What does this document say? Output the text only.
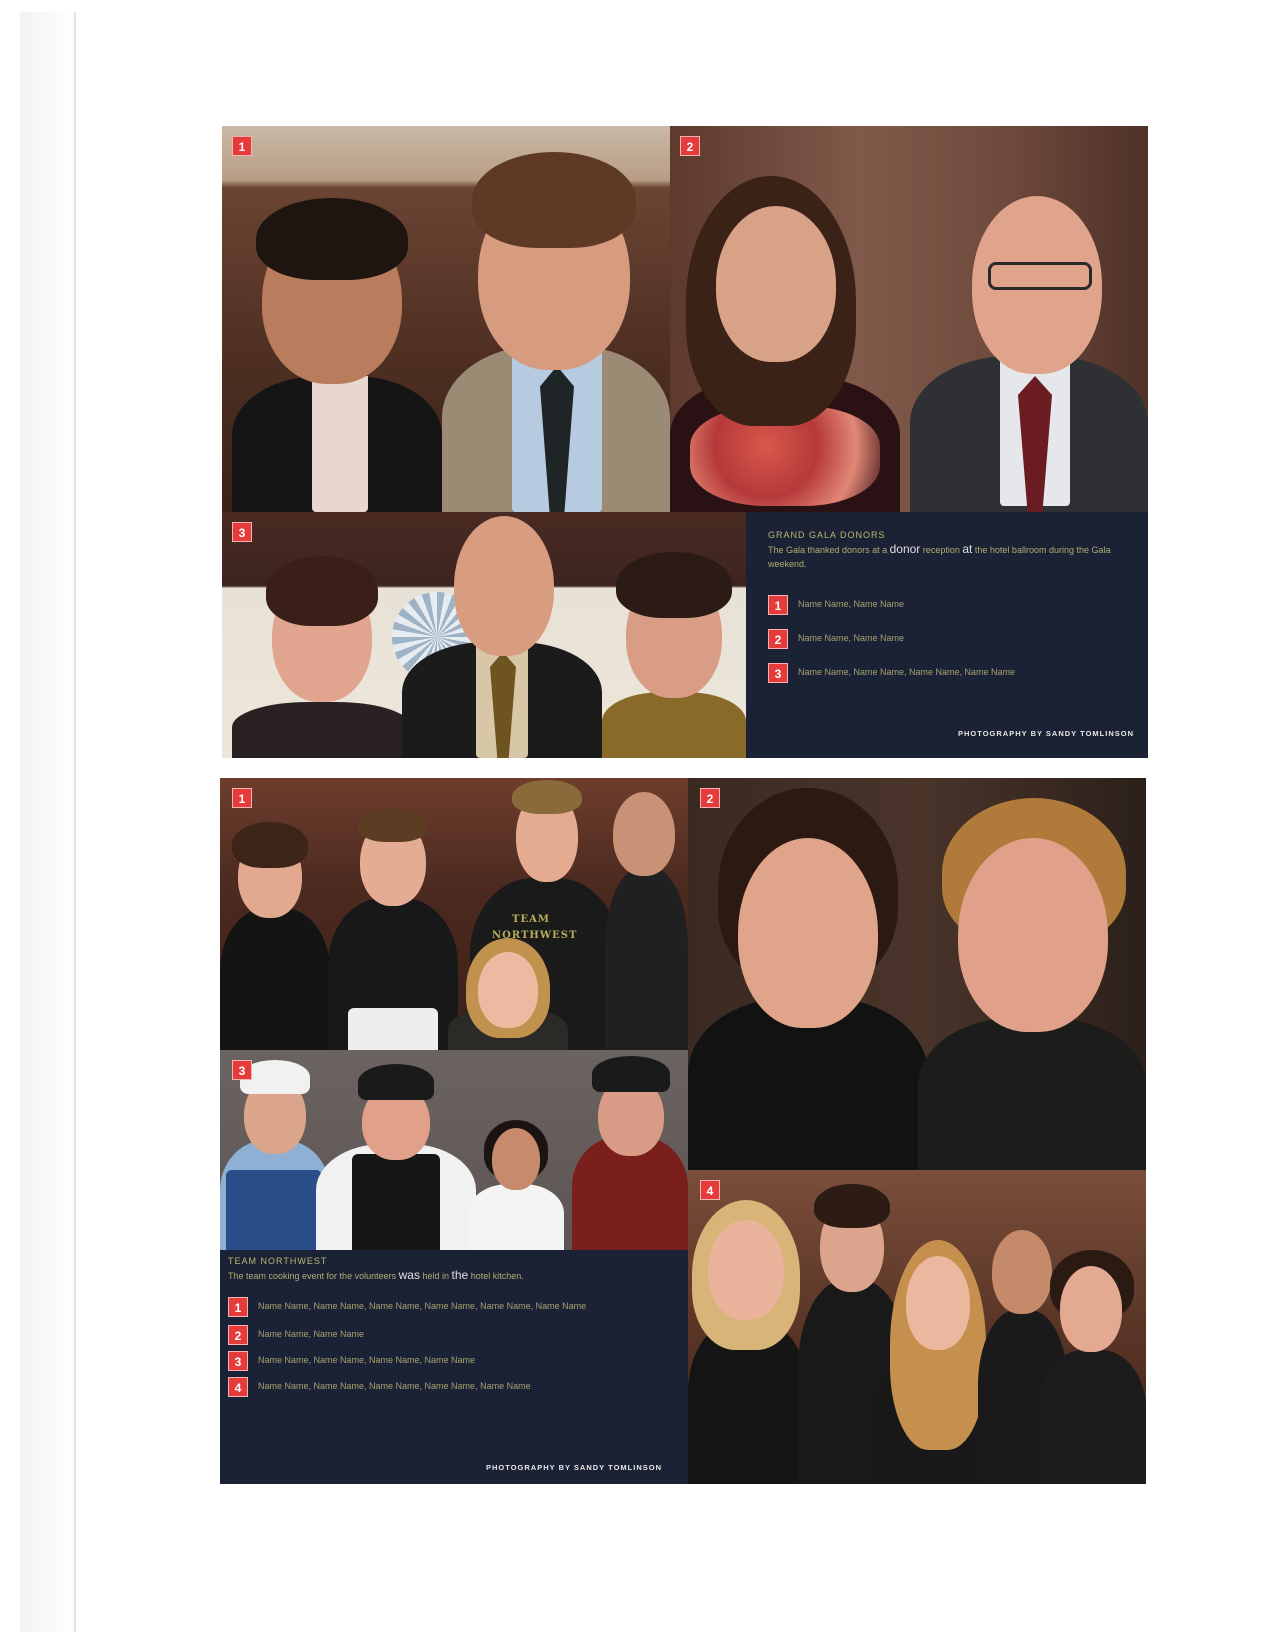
1	2
3	GRAND GALA DONORS
The Gala thanked donors at a donor reception at the hotel ballroom during the Gala weekend.
1	Name Name, Name Name
2	Name Name, Name Name
3	Name Name, Name Name, Name Name, Name Name
PHOTOGRAPHY BY SANDY TOMLINSON
TEAM
NORTHWEST
1	2
3
4
TEAM NORTHWEST
The team cooking event for the volunteers was held in the hotel kitchen.
1	Name Name, Name Name, Name Name, Name Name, Name Name, Name Name
2	Name Name, Name Name
3	Name Name, Name Name, Name Name, Name Name
4	Name Name, Name Name, Name Name, Name Name, Name Name
PHOTOGRAPHY BY SANDY TOMLINSON
